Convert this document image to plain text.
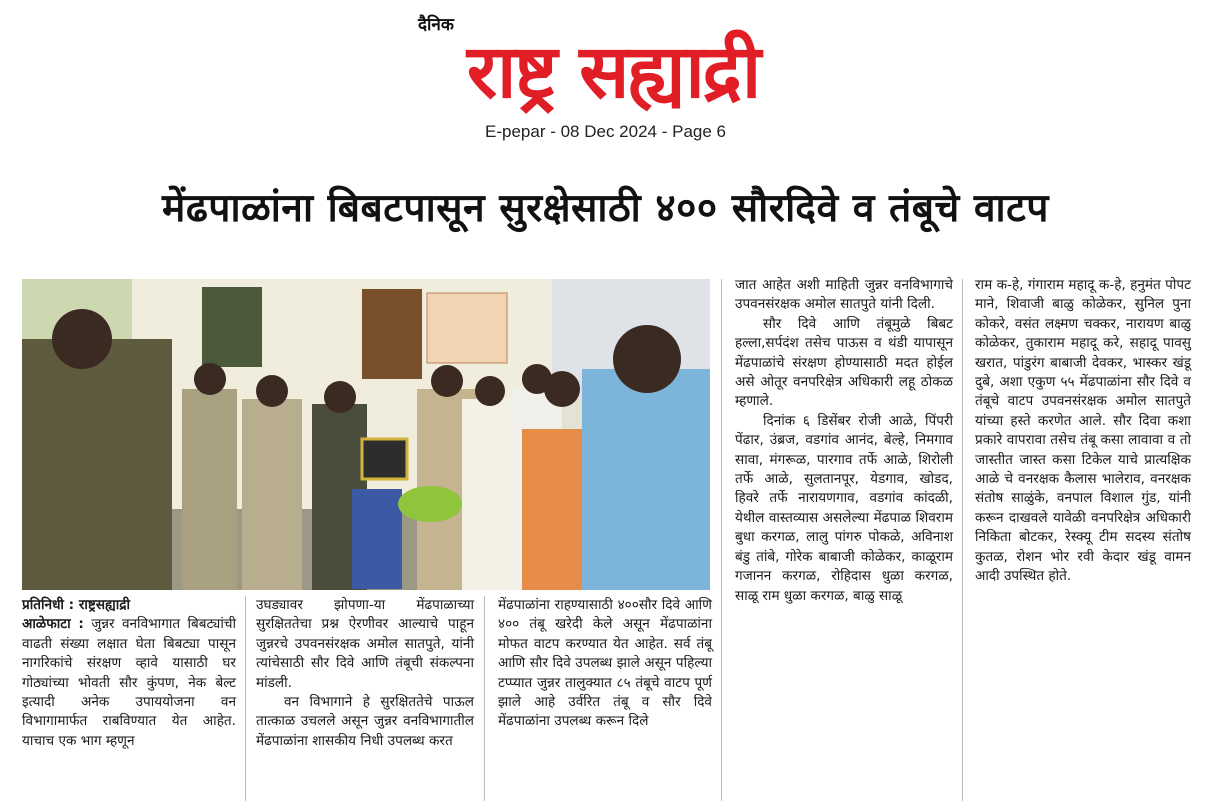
दैनिक
राष्ट्र सह्याद्री
E-pepar - 08 Dec 2024 - Page 6
मेंढपाळांना बिबटपासून सुरक्षेसाठी ४०० सौरदिवे व तंबूचे वाटप

प्रतिनिधी : राष्ट्रसह्याद्री

आळेफाटा : जुन्नर वनविभागात बिबट्यांची वाढती संख्या लक्षात घेता बिबट्या पासून नागरिकांचे संरक्षण व्हावे यासाठी घर गोठ्यांच्या भोवती सौर कुंपण, नेक बेल्ट इत्यादी अनेक उपाययोजना वन विभागामार्फत राबविण्यात येत आहेत. याचाच एक भाग म्हणून

उघड्यावर झोपणा-या मेंढपाळाच्या सुरक्षिततेचा प्रश्न ऐरणीवर आल्याचे पाहून जुन्नरचे उपवनसंरक्षक अमोल सातपुते, यांनी त्यांचेसाठी सौर दिवे आणि तंबूची संकल्पना मांडली.

वन विभागाने हे सुरक्षिततेचे पाऊल तात्काळ उचलले असून जुन्नर वनविभागातील मेंढपाळांना शासकीय निधी उपलब्ध करत

मेंढपाळांना राहण्यासाठी ४००सौर दिवे आणि ४०० तंबू खरेदी केले असून मेंढपाळांना मोफत वाटप करण्यात येत आहेत. सर्व तंबू आणि सौर दिवे उपलब्ध झाले असून पहिल्या टप्प्यात जुन्नर तालुक्यात ८५ तंबूचे वाटप पूर्ण झाले आहे उर्वरित तंबू व सौर दिवे मेंढपाळांना उपलब्ध करून दिले

जात आहेत अशी माहिती जुन्नर वनविभागाचे उपवनसंरक्षक अमोल सातपुते यांनी दिली.

सौर दिवे आणि तंबूमुळे बिबट हल्ला,सर्पदंश तसेच पाऊस व थंडी यापासून मेंढपाळांचे संरक्षण होण्यासाठी मदत होईल असे ओतूर वनपरिक्षेत्र अधिकारी लहू ठोकळ म्हणाले.

दिनांक ६ डिसेंबर रोजी आळे, पिंपरी पेंढार, उंब्रज, वडगांव आनंद, बेल्हे, निमगाव सावा, मंगरूळ, पारगाव तर्फे आळे, शिरोली तर्फे आळे, सुलतानपूर, येडगाव, खोडद, हिवरे तर्फे नारायणगाव, वडगांव कांदळी, येथील वास्तव्यास असलेल्या मेंढपाळ शिवराम बुधा करगळ, लालु पांगरु पोकळे, अविनाश बंडु तांबे, गोरेक बाबाजी कोळेकर, काळूराम गजानन करगळ, रोहिदास धुळा करगळ, साळू राम धुळा करगळ, बाळु साळू

राम क-हे, गंगाराम महादू क-हे, हनुमंत पोपट माने, शिवाजी बाळु कोळेकर, सुनिल पुना कोकरे, वसंत लक्ष्मण चक्कर, नारायण बाळु कोळेकर, तुकाराम महादू करे, सहादू पावसु खरात, पांडुरंग बाबाजी देवकर, भास्कर खंडू दुबे, अशा एकुण ५५ मेंढपाळांना सौर दिवे व तंबूचे वाटप उपवनसंरक्षक अमोल सातपुते यांच्या हस्ते करणेत आले. सौर दिवा कशा प्रकारे वापरावा तसेच तंबू कसा लावावा व तो जास्तीत जास्त कसा टिकेल याचे प्रात्यक्षिक आळे चे वनरक्षक कैलास भालेराव, वनरक्षक संतोष साळुंके, वनपाल विशाल गुंड, यांनी करून दाखवले यावेळी वनपरिक्षेत्र अधिकारी निकिता बोटकर, रेस्क्यू टीम सदस्य संतोष कुतळ, रोशन भोर रवी केदार खंडू वामन आदी उपस्थित होते.
